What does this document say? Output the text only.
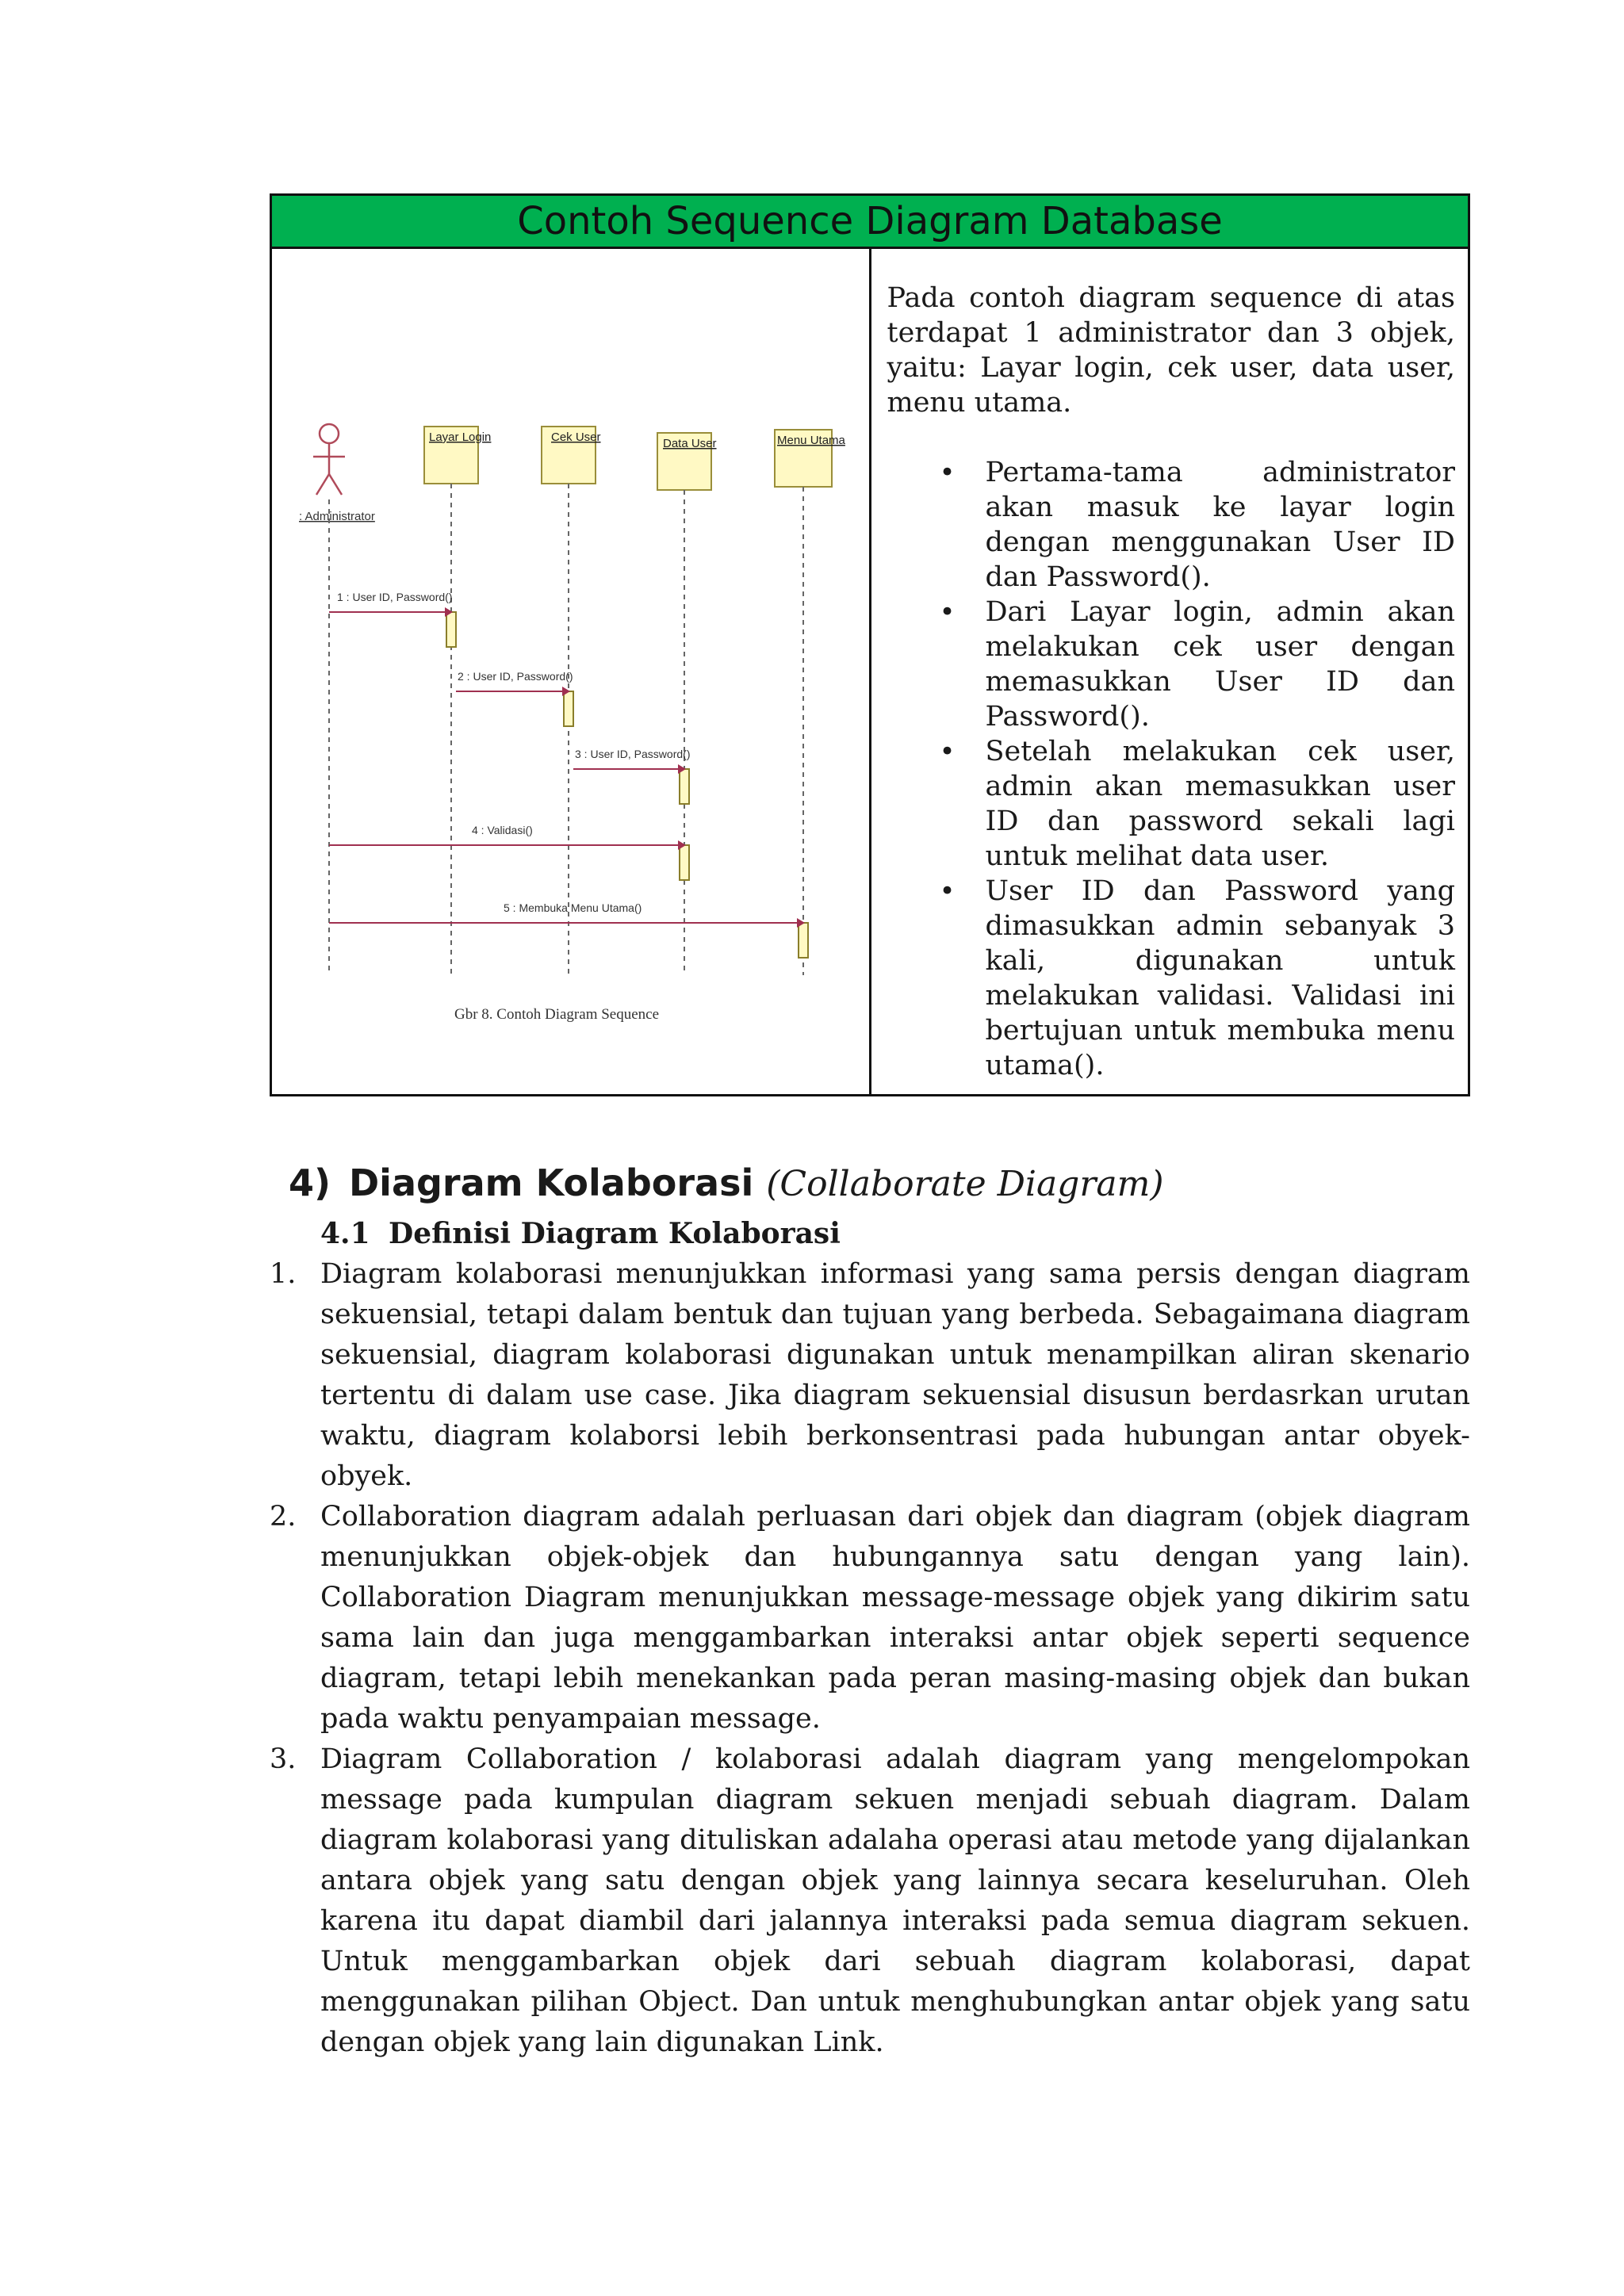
Contoh Sequence Diagram Database

: Administrator
Layar Login	Cek User	Data User	Menu Utama
1 : User ID, Password()
2 : User ID, Password()
3 : User ID, Password()
4 : Validasi()
5 : Membuka Menu Utama()
Gbr 8. Contoh Diagram Sequence

Pada contoh diagram sequence di atas terdapat 1 administrator dan 3 objek, yaitu: Layar login, cek user, data user, menu utama.

• Pertama-tama administrator akan masuk ke layar login dengan menggunakan User ID dan Password().
• Dari Layar login, admin akan melakukan cek user dengan memasukkan User ID dan Password().
• Setelah melakukan cek user, admin akan memasukkan user ID dan password sekali lagi untuk melihat data user.
• User ID dan Password yang dimasukkan admin sebanyak 3 kali, digunakan untuk melakukan validasi. Validasi ini bertujuan untuk membuka menu utama().
4) Diagram Kolaborasi (Collaborate Diagram)
4.1 Definisi Diagram Kolaborasi
1. Diagram kolaborasi menunjukkan informasi yang sama persis dengan diagram sekuensial, tetapi dalam bentuk dan tujuan yang berbeda. Sebagaimana diagram sekuensial, diagram kolaborasi digunakan untuk menampilkan aliran skenario tertentu di dalam use case. Jika diagram sekuensial disusun berdasrkan urutan waktu, diagram kolaborsi lebih berkonsentrasi pada hubungan antar obyek-obyek.
2. Collaboration diagram adalah perluasan dari objek dan diagram (objek diagram menunjukkan objek-objek dan hubungannya satu dengan yang lain). Collaboration Diagram menunjukkan message-message objek yang dikirim satu sama lain dan juga menggambarkan interaksi antar objek seperti sequence diagram, tetapi lebih menekankan pada peran masing-masing objek dan bukan pada waktu penyampaian message.
3. Diagram Collaboration / kolaborasi adalah diagram yang mengelompokan message pada kumpulan diagram sekuen menjadi sebuah diagram. Dalam diagram kolaborasi yang dituliskan adalaha operasi atau metode yang dijalankan antara objek yang satu dengan objek yang lainnya secara keseluruhan. Oleh karena itu dapat diambil dari jalannya interaksi pada semua diagram sekuen. Untuk menggambarkan objek dari sebuah diagram kolaborasi, dapat menggunakan pilihan Object. Dan untuk menghubungkan antar objek yang satu dengan objek yang lain digunakan Link.
